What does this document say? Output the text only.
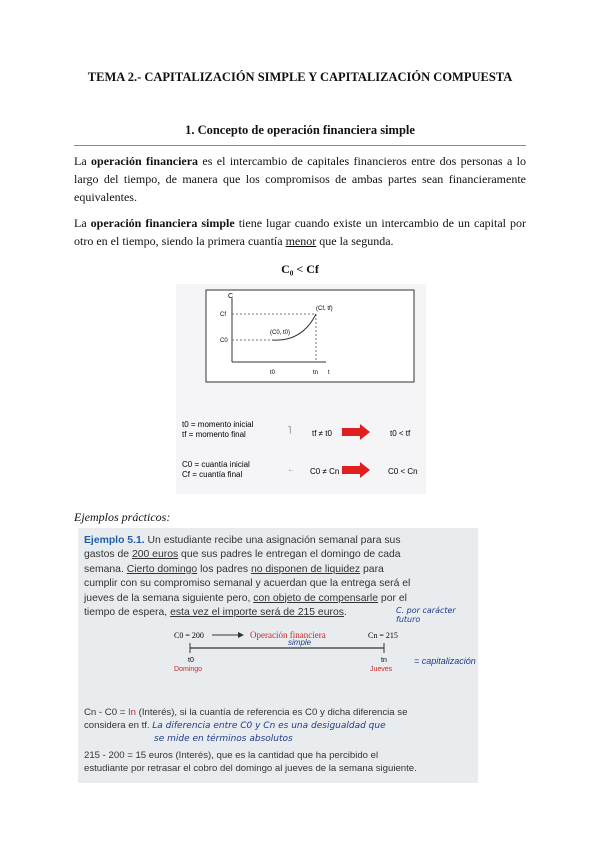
TEMA 2.- CAPITALIZACIÓN SIMPLE Y CAPITALIZACIÓN COMPUESTA
1. Concepto de operación financiera simple
La operación financiera es el intercambio de capitales financieros entre dos personas a lo largo del tiempo, de manera que los compromisos de ambas partes sean financieramente equivalentes.
La operación financiera simple tiene lugar cuando existe un intercambio de un capital por otro en el tiempo, siendo la primera cuantía menor que la segunda.
C₀ < Cf
C
Cf
C0
t0	tn t
(Cf, tf)
(C0, t0)
t0 = momento inicial
tf = momento final	⎤	tf ≠ t0	t0 < tf
C0 = cuantía inicial
Cf = cuantía final	← C0 ≠ Cn	C0 < Cn
Ejemplos prácticos:

Ejemplo 5.1. Un estudiante recibe una asignación semanal para sus

gastos de 200 euros que sus padres le entregan el domingo de cada

semana. Cierto domingo los padres no disponen de liquidez para

cumplir con su compromiso semanal y acuerdan que la entrega será el

jueves de la semana siguiente pero, con objeto de compensarle por el

tiempo de espera, esta vez el importe será de 215 euros.	C. por carácter futuro
C0 = 200	Operación financiera	Cn = 215
simple
t0
Domingo
tn
Jueves
= capitalización

Cn - C0 = In (Interés), si la cuantía de referencia es C0 y dicha diferencia se

considera en tf. La diferencia entre C0 y Cn es una desigualdad que

se mide en términos absolutos

215 - 200 = 15 euros (Interés), que es la cantidad que ha percibido el

estudiante por retrasar el cobro del domingo al jueves de la semana siguiente.
